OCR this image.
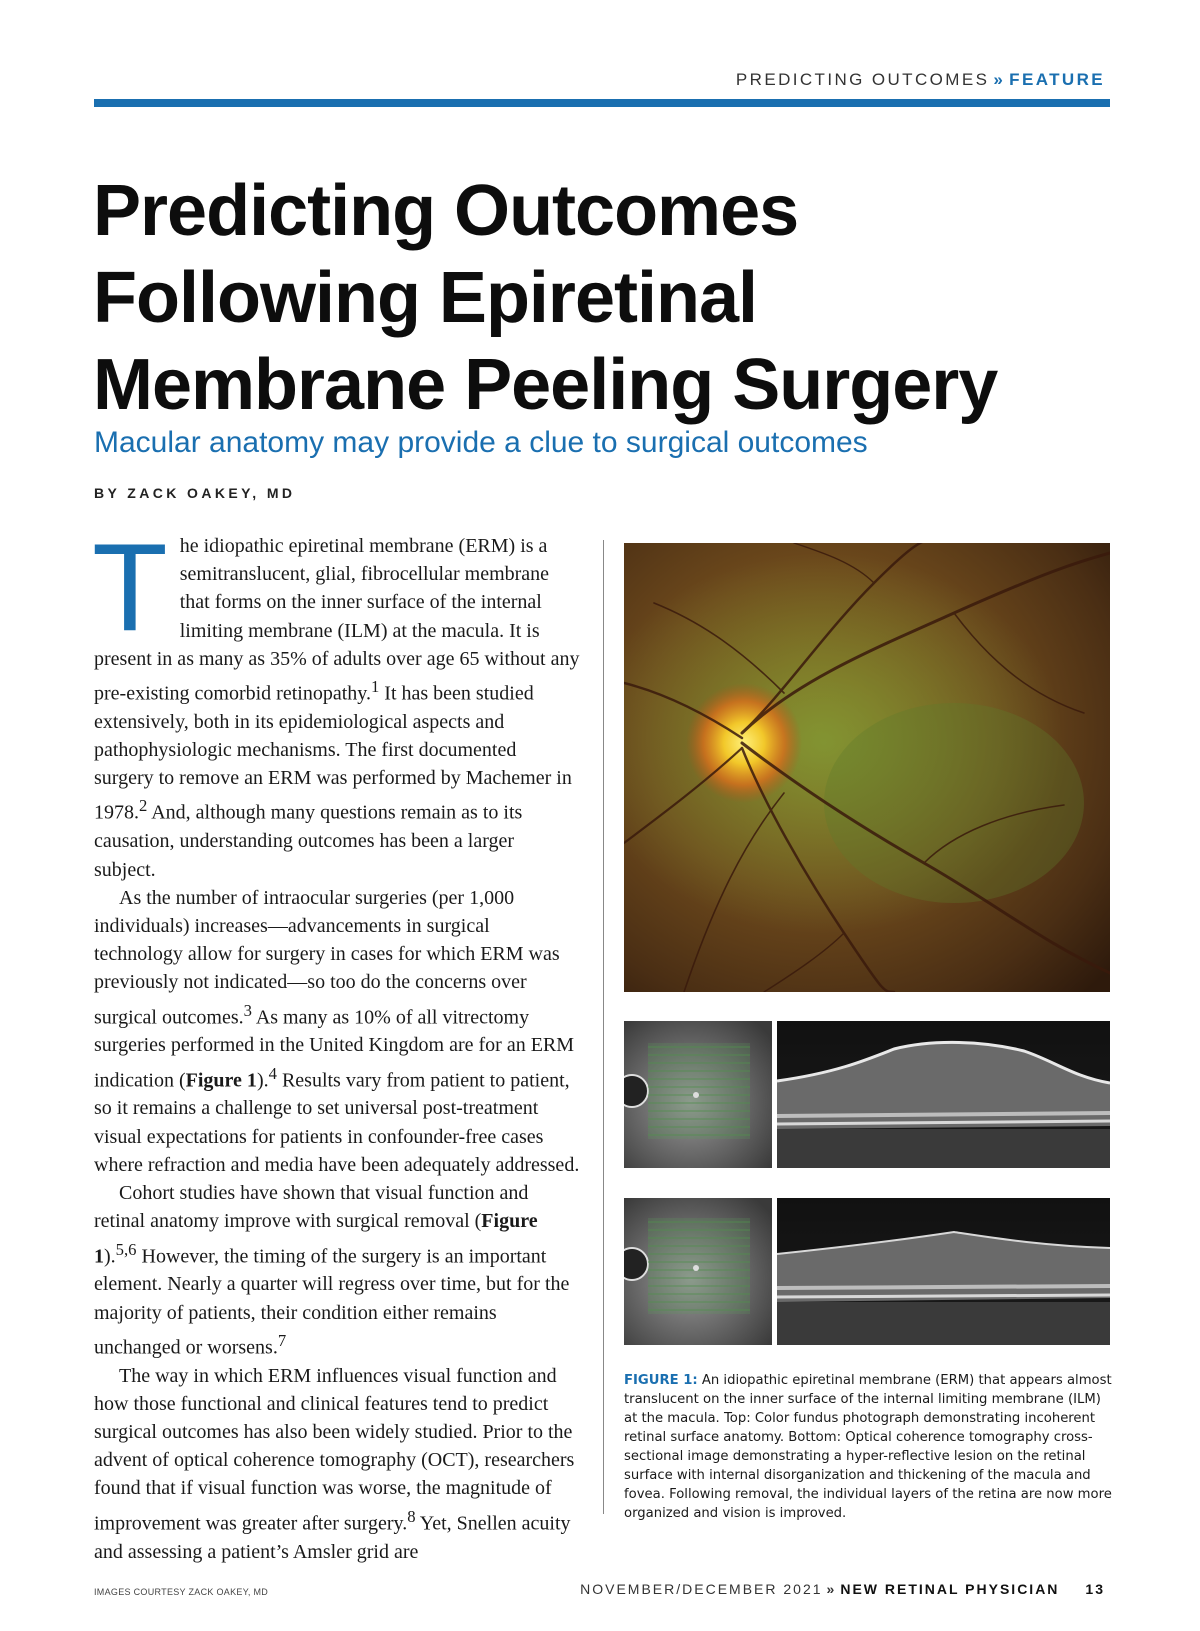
PREDICTING OUTCOMES » FEATURE
Predicting Outcomes
Following Epiretinal
Membrane Peeling Surgery
Macular anatomy may provide a clue to surgical outcomes
BY ZACK OAKEY, MD

The idiopathic epiretinal membrane (ERM) is a semitranslucent, glial, fibrocellular membrane that forms on the inner surface of the internal limiting membrane (ILM) at the macula. It is present in as many as 35% of adults over age 65 without any pre-existing comorbid retinopathy.$^1$ It has been studied extensively, both in its epidemiological aspects and pathophysiologic mechanisms. The first documented surgery to remove an ERM was performed by Machemer in 1978.$^2$ And, although many questions remain as to its causation, understanding outcomes has been a larger subject.

As the number of intraocular surgeries (per 1,000 individuals) increases—advancements in surgical technology allow for surgery in cases for which ERM was previously not indicated—so too do the concerns over surgical outcomes.$^3$ As many as 10% of all vitrectomy surgeries performed in the United Kingdom are for an ERM indication (Figure 1).$^4$ Results vary from patient to patient, so it remains a challenge to set universal post-treatment visual expectations for patients in confounder-free cases where refraction and media have been adequately addressed.

Cohort studies have shown that visual function and retinal anatomy improve with surgical removal (Figure 1).$^{5,6}$ However, the timing of the surgery is an important element. Nearly a quarter will regress over time, but for the majority of patients, their condition either remains unchanged or worsens.$^7$

The way in which ERM influences visual function and how those functional and clinical features tend to predict surgical outcomes has also been widely studied. Prior to the advent of optical coherence tomography (OCT), researchers found that if visual function was worse, the magnitude of improvement was greater after surgery.$^8$ Yet, Snellen acuity and assessing a patient’s Amsler grid are

FIGURE 1: An idiopathic epiretinal membrane (ERM) that appears almost translucent on the inner surface of the internal limiting membrane (ILM) at the macula. Top: Color fundus photograph demonstrating incoherent retinal surface anatomy. Bottom: Optical coherence tomography cross-sectional image demonstrating a hyper-reflective lesion on the retinal surface with internal disorganization and thickening of the macula and fovea. Following removal, the individual layers of the retina are now more organized and vision is improved.
IMAGES COURTESY ZACK OAKEY, MD	NOVEMBER/DECEMBER 2021 » NEW RETINAL PHYSICIAN 13
